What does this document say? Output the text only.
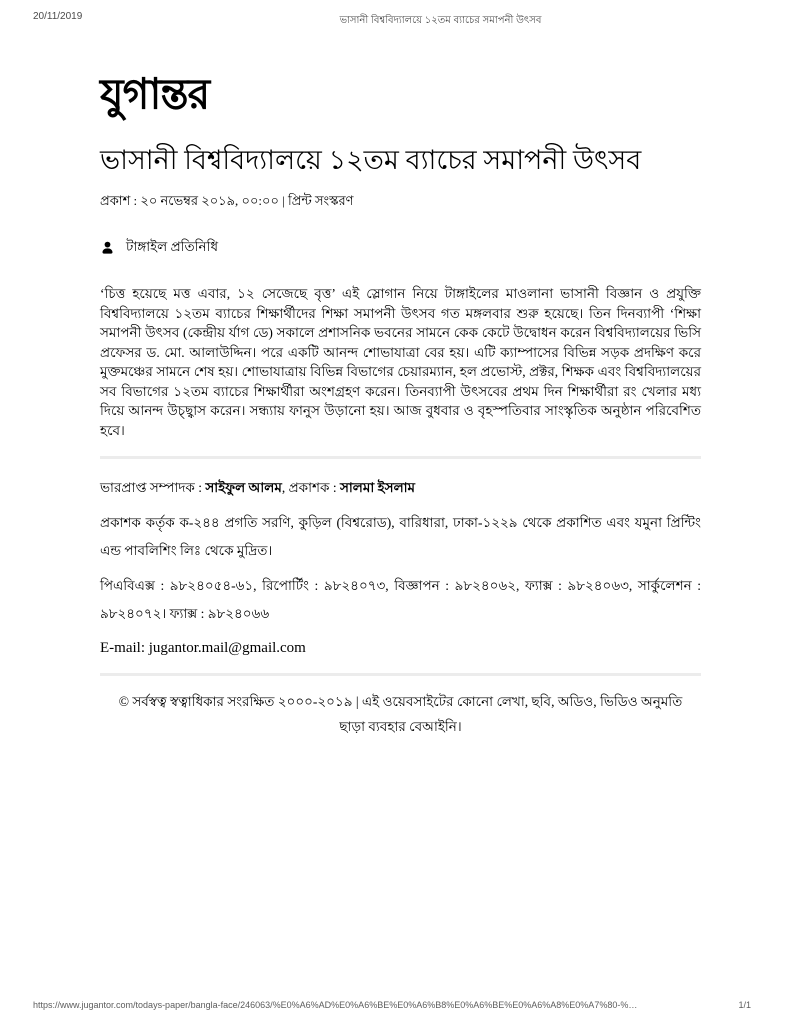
20/11/2019	ভাসানী বিশ্ববিদ্যালয়ে ১২তম ব্যাচের সমাপনী উৎসব
যুগান্তর
ভাসানী বিশ্ববিদ্যালয়ে ১২তম ব্যাচের সমাপনী উৎসব
প্রকাশ : ২০ নভেম্বর ২০১৯, ০০:০০ | প্রিন্ট সংস্করণ
টাঙ্গাইল প্রতিনিধি

‘চিত্ত হয়েছে মত্ত এবার, ১২ সেজেছে বৃত্ত’ এই স্লোগান নিয়ে টাঙ্গাইলের মাওলানা ভাসানী বিজ্ঞান ও প্রযুক্তি বিশ্ববিদ্যালয়ে ১২তম ব্যাচের শিক্ষার্থীদের শিক্ষা সমাপনী উৎসব গত মঙ্গলবার শুরু হয়েছে। তিন দিনব্যাপী ‘শিক্ষা সমাপনী উৎসব (কেন্দ্রীয় র্যাগ ডে) সকালে প্রশাসনিক ভবনের সামনে কেক কেটে উদ্বোধন করেন বিশ্ববিদ্যালয়ের ভিসি প্রফেসর ড. মো. আলাউদ্দিন। পরে একটি আনন্দ শোভাযাত্রা বের হয়। এটি ক্যাম্পাসের বিভিন্ন সড়ক প্রদক্ষিণ করে মুক্তমঞ্চের সামনে শেষ হয়। শোভাযাত্রায় বিভিন্ন বিভাগের চেয়ারম্যান, হল প্রভোস্ট, প্রক্টর, শিক্ষক এবং বিশ্ববিদ্যালয়ের সব বিভাগের ১২তম ব্যাচের শিক্ষার্থীরা অংশগ্রহণ করেন। তিনব্যাপী উৎসবের প্রথম দিন শিক্ষার্থীরা রং খেলার মধ্য দিয়ে আনন্দ উচ্ছ্বাস করেন। সন্ধ্যায় ফানুস উড়ানো হয়। আজ বুধবার ও বৃহস্পতিবার সাংস্কৃতিক অনুষ্ঠান পরিবেশিত হবে।

ভারপ্রাপ্ত সম্পাদক : সাইফুল আলম, প্রকাশক : সালমা ইসলাম

প্রকাশক কর্তৃক ক-২৪৪ প্রগতি সরণি, কুড়িল (বিশ্বরোড), বারিধারা, ঢাকা-১২২৯ থেকে প্রকাশিত এবং যমুনা প্রিন্টিং এন্ড পাবলিশিং লিঃ থেকে মুদ্রিত।

পিএবিএক্স : ৯৮২৪০৫৪-৬১, রিপোর্টিং : ৯৮২৪০৭৩, বিজ্ঞাপন : ৯৮২৪০৬২, ফ্যাক্স : ৯৮২৪০৬৩, সার্কুলেশন : ৯৮২৪০৭২। ফ্যাক্স : ৯৮২৪০৬৬

E-mail: jugantor.mail@gmail.com
© সর্বস্বত্ব স্বত্বাধিকার সংরক্ষিত ২০০০-২০১৯ | এই ওয়েবসাইটের কোনো লেখা, ছবি, অডিও, ভিডিও অনুমতি ছাড়া ব্যবহার বেআইনি।
https://www.jugantor.com/todays-paper/bangla-face/246063/%E0%A6%AD%E0%A6%BE%E0%A6%B8%E0%A6%BE%E0%A6%A8%E0%A7%80-%…	1/1
